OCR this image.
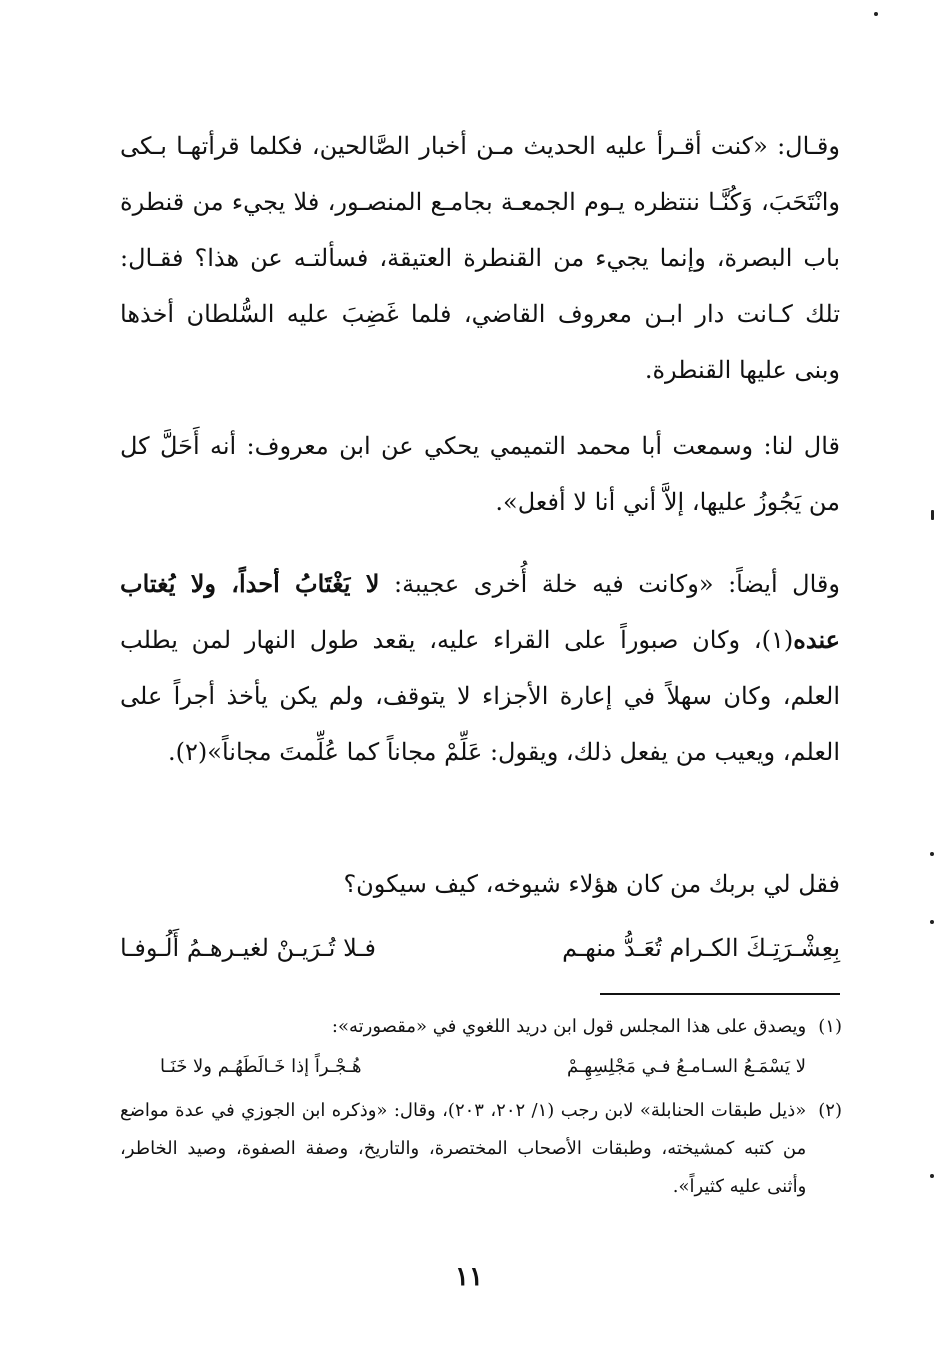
وقـال: «كنت أقـرأ عليه الحديث مـن أخبار الصَّالحين، فكلما قرأتهـا بـكى وانْتَحَبَ، وَكُنَّـا ننتظره يـوم الجمعـة بجامـع المنصـور، فلا يجيء من قنطرة باب البصرة، وإنما يجيء من القنطرة العتيقة، فسألتـه عن هذا؟ فقـال: تلك كـانت دار ابـن معروف القاضي، فلما غَضِبَ عليه السُّلطان أخذها وبنى عليها القنطرة.
قال لنا: وسمعت أبا محمد التميمي يحكي عن ابن معروف: أنه أَحَلَّ كل من يَجُوزُ عليها، إلاَّ أني أنا لا أفعل».
وقال أيضاً: «وكانت فيه خلة أُخرى عجيبة: لا يَغْتَابُ أحداً، ولا يُغتاب عنده(١)، وكان صبوراً على القراء عليه، يقعد طول النهار لمن يطلب العلم، وكان سهلاً في إعارة الأجزاء لا يتوقف، ولم يكن يأخذ أجراً على العلم، ويعيب من يفعل ذلك، ويقول: عَلِّمْ مجاناً كما عُلِّمتَ مجاناً»(٢).
فقل لي بربك من كان هؤلاء شيوخه، كيف سيكون؟
بِعِشْـرَتِـكَ الكـرام تُعَـدُّ منهـم
فـلا تُـرَيـنْ لغيـرهـمُ أَلُـوفـا
(١)
ويصدق على هذا المجلس قول ابن دريد اللغوي في «مقصورته»:
لا يَسْمَـعُ السـامـعُ فـي مَجْلِسِهِـمْ
هُـجْـراً إذا خَـالَطَهُـم ولا خَنَـا
(٢)
«ذيل طبقات الحنابلة» لابن رجب (١/ ٢٠٢، ٢٠٣)، وقال: «وذكره ابن الجوزي في عدة مواضع من كتبه كمشيخته، وطبقات الأصحاب المختصرة، والتاريخ، وصفة الصفوة، وصيد الخاطر، وأثنى عليه كثيراً».
١١
